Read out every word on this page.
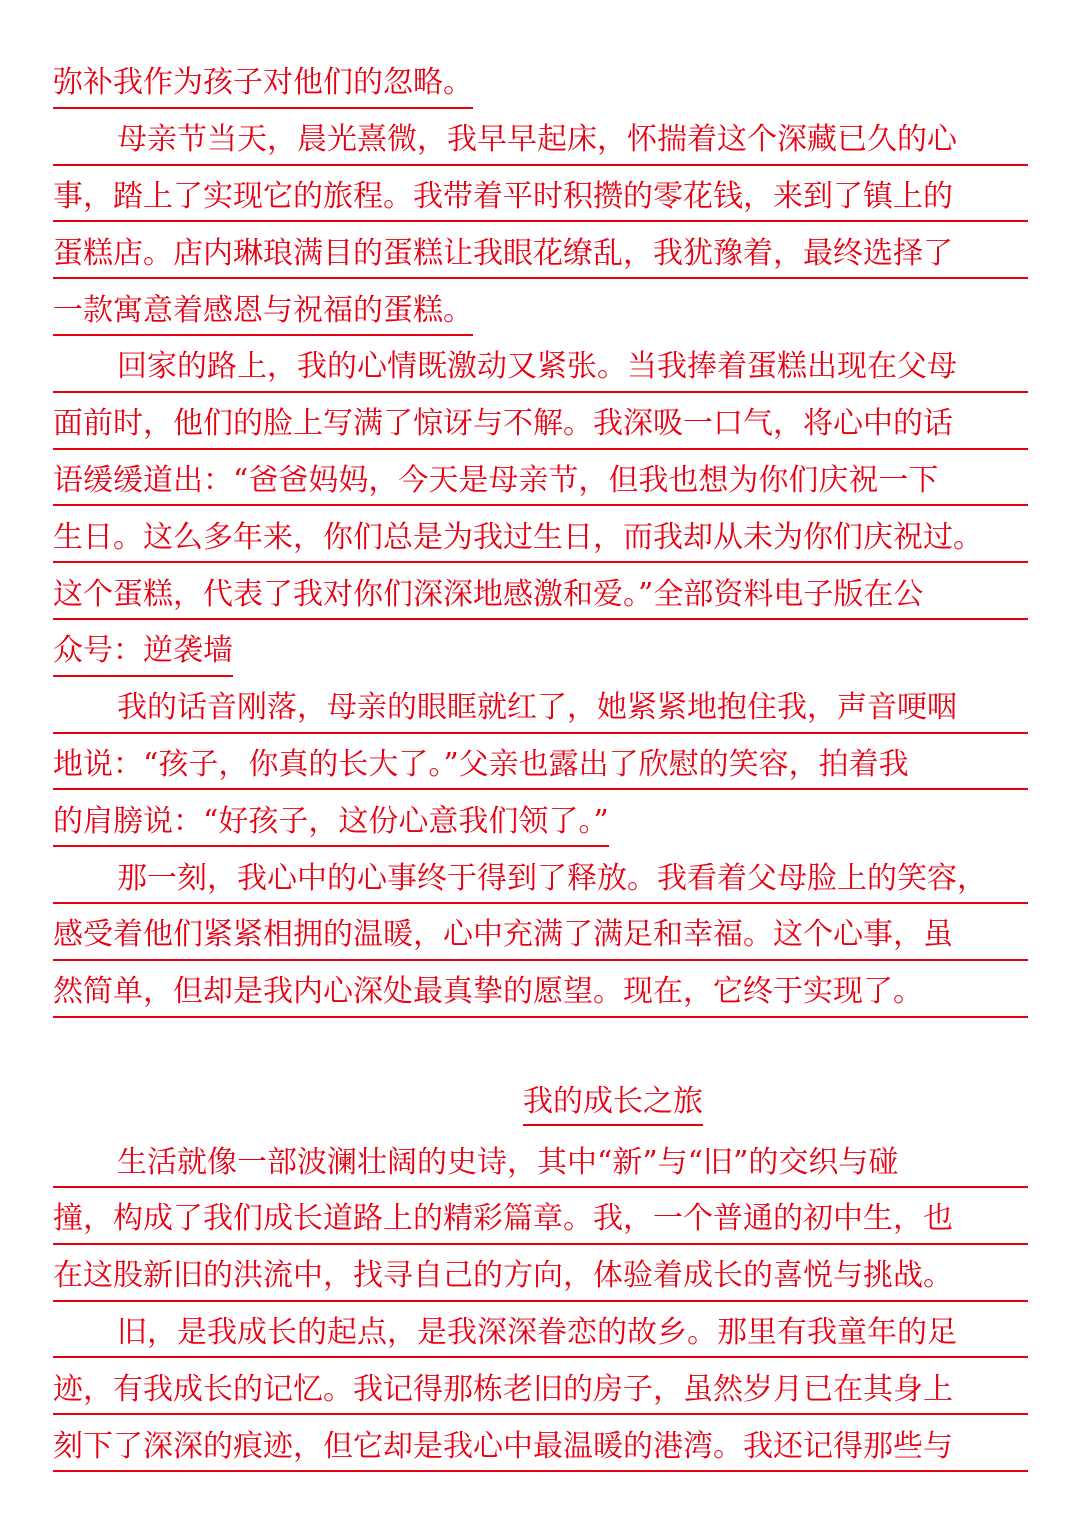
弥补我作为孩子对他们的忽略。
母亲节当天，晨光熹微，我早早起床，怀揣着这个深藏已久的心
事，踏上了实现它的旅程。我带着平时积攒的零花钱，来到了镇上的
蛋糕店。店内琳琅满目的蛋糕让我眼花缭乱，我犹豫着，最终选择了
一款寓意着感恩与祝福的蛋糕。
回家的路上，我的心情既激动又紧张。当我捧着蛋糕出现在父母
面前时，他们的脸上写满了惊讶与不解。我深吸一口气，将心中的话
语缓缓道出：“爸爸妈妈，今天是母亲节，但我也想为你们庆祝一下
生日。这么多年来，你们总是为我过生日，而我却从未为你们庆祝过。
这个蛋糕，代表了我对你们深深地感激和爱。”全部资料电子版在公
众号：逆袭墙
我的话音刚落，母亲的眼眶就红了，她紧紧地抱住我，声音哽咽
地说：“孩子，你真的长大了。”父亲也露出了欣慰的笑容，拍着我
的肩膀说：“好孩子，这份心意我们领了。”
那一刻，我心中的心事终于得到了释放。我看着父母脸上的笑容，
感受着他们紧紧相拥的温暖，心中充满了满足和幸福。这个心事，虽
然简单，但却是我内心深处最真挚的愿望。现在，它终于实现了。
我的成长之旅
生活就像一部波澜壮阔的史诗，其中“新”与“旧”的交织与碰
撞，构成了我们成长道路上的精彩篇章。我，一个普通的初中生，也
在这股新旧的洪流中，找寻自己的方向，体验着成长的喜悦与挑战。
旧，是我成长的起点，是我深深眷恋的故乡。那里有我童年的足
迹，有我成长的记忆。我记得那栋老旧的房子，虽然岁月已在其身上
刻下了深深的痕迹，但它却是我心中最温暖的港湾。我还记得那些与
